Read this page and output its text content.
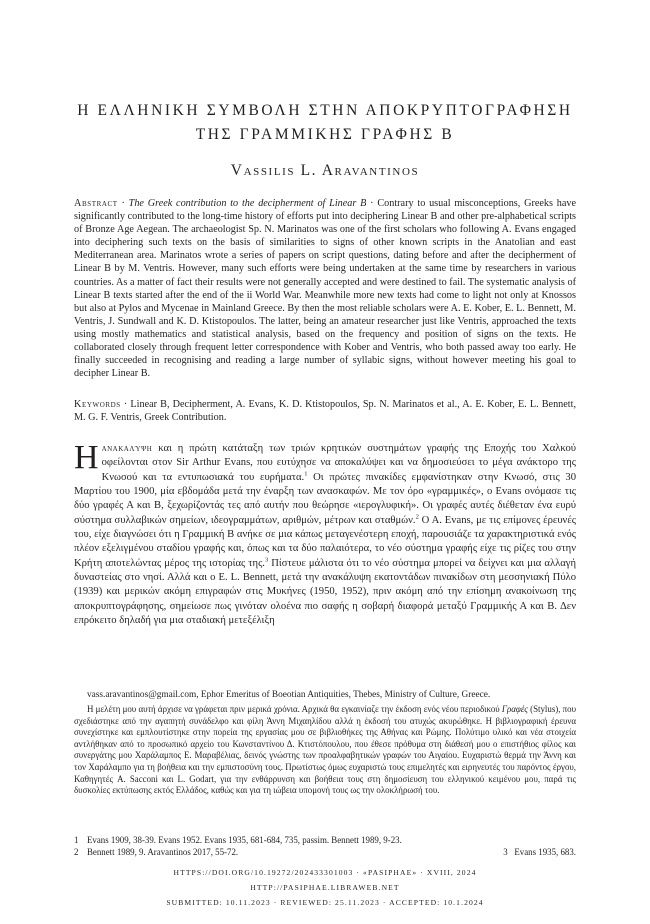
Η ΕΛΛΗΝΙΚΗ ΣΥΜΒΟΛΗ ΣΤΗΝ ΑΠΟΚΡΥΠΤΟΓΡΑΦΗΣΗ
ΤΗΣ ΓΡΑΜΜΙΚΗΣ ΓΡΑΦΗΣ Β
Vassilis L. Aravantinos
Abstract · The Greek contribution to the decipherment of Linear B · Contrary to usual misconceptions, Greeks have significantly contributed to the long-time history of efforts put into deciphering Linear B and other pre-alphabetical scripts of Bronze Age Aegean. The archaeologist Sp. N. Marinatos was one of the first scholars who following A. Evans engaged into deciphering such texts on the basis of similarities to signs of other known scripts in the Anatolian and east Mediterranean area. Marinatos wrote a series of papers on script questions, dating before and after the decipherment of Linear B by M. Ventris. However, many such efforts were being undertaken at the same time by researchers in various countries. As a matter of fact their results were not generally accepted and were destined to fail. The systematic analysis of Linear B texts started after the end of the ii World War. Meanwhile more new texts had come to light not only at Knossos but also at Pylos and Mycenae in Mainland Greece. By then the most reliable scholars were A. E. Kober, E. L. Bennett, M. Ventris, J. Sundwall and K. D. Ktistopoulos. The latter, being an amateur researcher just like Ventris, approached the texts using mostly mathematics and statistical analysis, based on the frequency and position of signs on the texts. He collaborated closely through frequent letter correspondence with Kober and Ventris, who both passed away too early. He finally succeeded in recognising and reading a large number of syllabic signs, without however meeting his goal to decipher Linear B.
Keywords · Linear B, Decipherment, A. Evans, K. D. Ktistopoulos, Sp. N. Marinatos et al., A. E. Kober, E. L. Bennett, M. G. F. Ventris, Greek Contribution.
Ηανακαλύψη και η πρώτη κατάταξη των τριών κρητικών συστημάτων γραφής της Εποχής του Χαλκού οφείλονται στον Sir Arthur Evans, που ευτύχησε να αποκαλύψει και να δημοσιεύσει το μέγα ανάκτορο της Κνωσού και τα εντυπωσιακά του ευρήματα.$^1$ Οι πρώτες πινακίδες εμφανίστηκαν στην Κνωσό, στις 30 Μαρτίου του 1900, μία εβδομάδα μετά την έναρξη των ανασκαφών. Με τον όρο «γραμμικές», ο Evans ονόμασε τις δύο γραφές Α και Β, ξεχωρίζοντάς τες από αυτήν που θεώρησε «ιερογλυφική». Οι γραφές αυτές διέθεταν ένα ευρύ σύστημα συλλαβικών σημείων, ιδεογραμμάτων, αριθμών, μέτρων και σταθμών.$^2$ Ο Α. Evans, με τις επίμονες έρευνές του, είχε διαγνώσει ότι η Γραμμική Β ανήκε σε μια κάπως μεταγενέστερη εποχή, παρουσιάζε τα χαρακτηριστικά ενός πλέον εξελιγμένου σταδίου γραφής και, όπως και τα δύο παλαιότερα, το νέο σύστημα γραφής είχε τις ρίζες του στην Κρήτη αποτελώντας μέρος της ιστορίας της.$^3$ Πίστευε μάλιστα ότι το νέο σύστημα μπορεί να δείχνει και μια αλλαγή δυναστείας στο νησί. Αλλά και ο E. L. Bennett, μετά την ανακάλυψη εκατοντάδων πινακίδων στη μεσσηνιακή Πύλο (1939) και μερικών ακόμη επιγραφών στις Μυκήνες (1950, 1952), πριν ακόμη από την επίσημη ανακοίνωση της αποκρυπτογράφησης, σημείωσε πως γινόταν ολοένα πιο σαφής η σοβαρή διαφορά μεταξύ Γραμμικής Α και Β. Δεν επρόκειτο δηλαδή για μια σταδιακή μετεξέλιξη
vass.aravantinos@gmail.com, Ephor Emeritus of Boeotian Antiquities, Thebes, Ministry of Culture, Greece.
Η μελέτη μου αυτή άρχισε να γράφεται πριν μερικά χρόνια. Αρχικά θα εγκαινίαζε την έκδοση ενός νέου περιοδικού Γραφές (Stylus), που σχεδιάστηκε από την αγαπητή συνάδελφο και φίλη Άννη Μιχαηλίδου αλλά η έκδοσή του ατυχώς ακυρώθηκε. Η βιβλιογραφική έρευνα συνεχίστηκε και εμπλουτίστηκε στην πορεία της εργασίας μου σε βιβλιοθήκες της Αθήνας και Ρώμης. Πολύτιμο υλικό και νέα στοιχεία αντλήθηκαν από το προσωπικό αρχείο του Κωνσταντίνου Δ. Κτιστόπουλου, που έθεσε πρόθυμα στη διάθεσή μου ο επιστήθιος φίλος και συνεργάτης μου Χαράλαμπος Ε. Μαραβέλιας, δεινός γνώστης των προαλφαβητικών γραφών του Αιγαίου. Ευχαριστώ θερμά την Άννη και τον Χαράλαμπο για τη βοήθεια και την εμπιστοσύνη τους. Πρωτίστως όμως ευχαριστώ τους επιμελητές και ειρηνευτές του παρόντος έργου, Καθηγητές A. Sacconi και L. Godart, για την ενθάρρυνση και βοήθεια τους στη δημοσίευση του ελληνικού κειμένου μου, παρά τις δυσκολίες εκτύπωσης εκτός Ελλάδος, καθώς και για τη ιώβεια υπομονή τους ως την ολοκλήρωσή του.
1 Evans 1909, 38-39. Evans 1952. Evans 1935, 681-684, 735, passim. Bennett 1989, 9-23.
2 Bennett 1989, 9. Aravantinos 2017, 55-72.	3 Evans 1935, 683.
HTTPS://DOI.ORG/10.19272/202433301003 · «PASIPHAE» · XVIII, 2024
HTTP://PASIPHAE.LIBRAWEB.NET
SUBMITTED: 10.11.2023 · REVIEWED: 25.11.2023 · ACCEPTED: 10.1.2024
